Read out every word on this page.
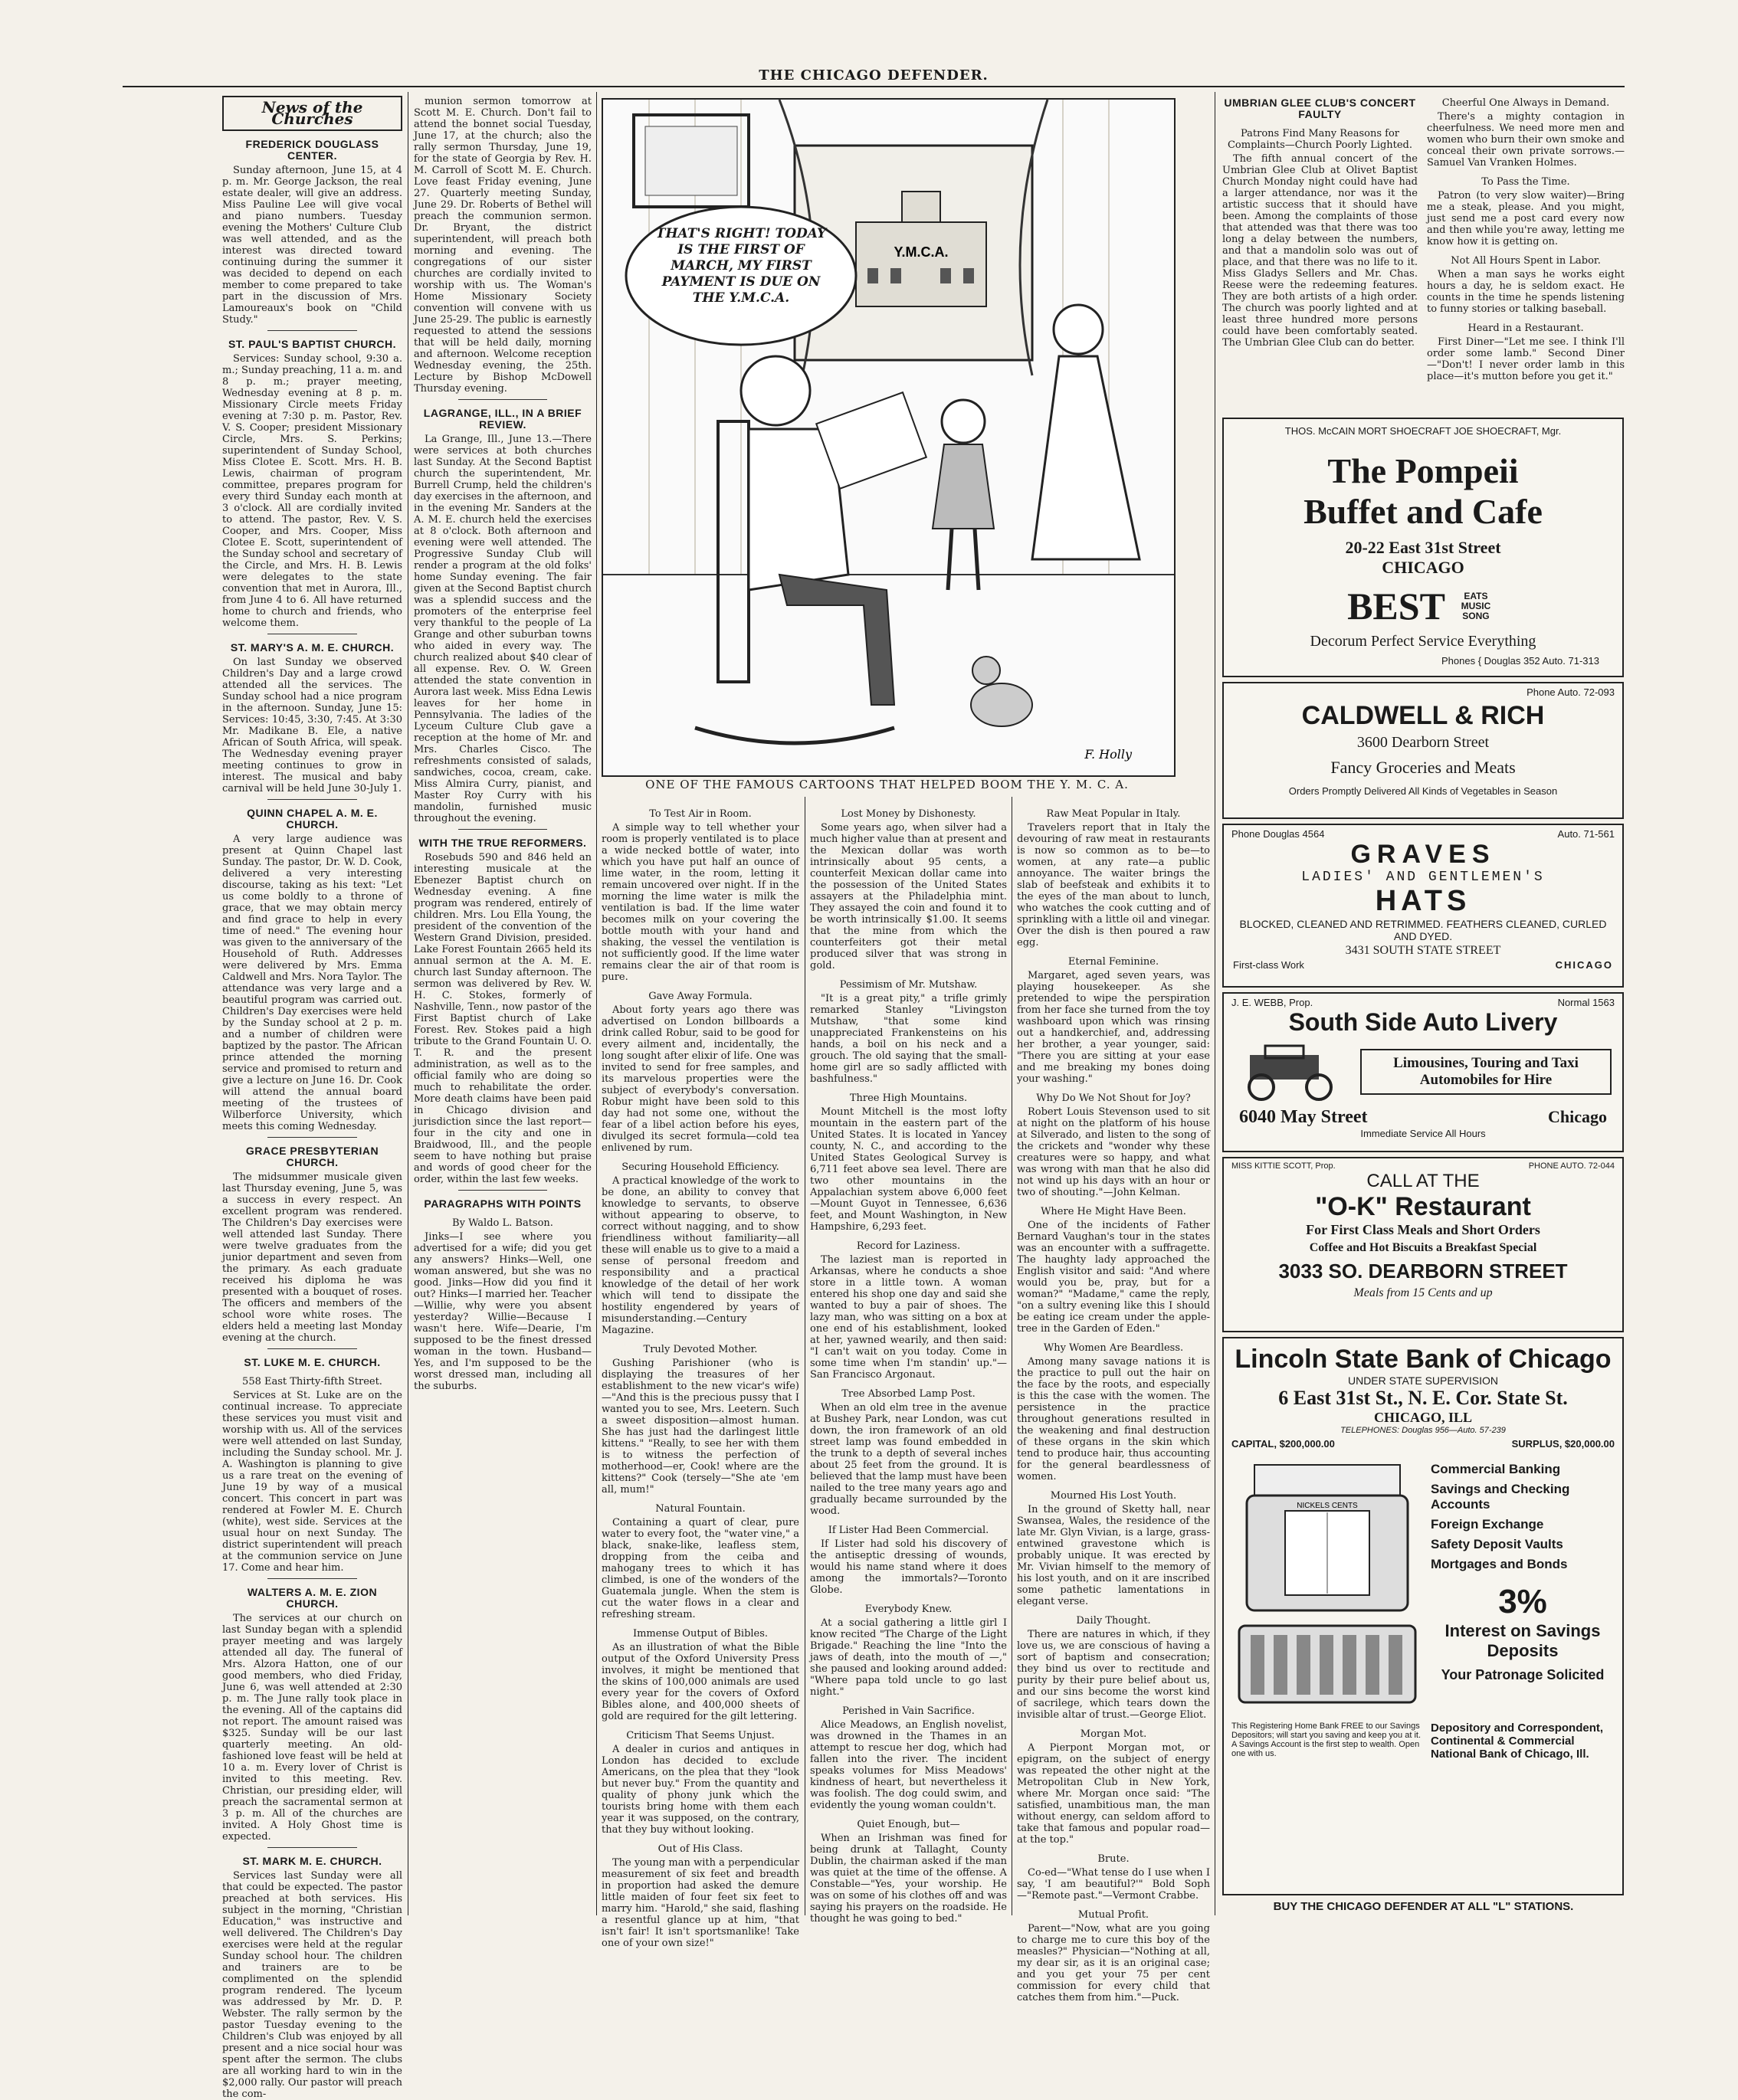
THE CHICAGO DEFENDER.
News of the Churches
FREDERICK DOUGLASS CENTER.

Sunday afternoon, June 15, at 4 p. m. Mr. George Jackson, the real estate dealer, will give an address. Miss Pauline Lee will give vocal and piano numbers. Tuesday evening the Mothers' Culture Club was well attended, and as the interest was directed toward continuing during the summer it was decided to depend on each member to come prepared to take part in the discussion of Mrs. Lamoureaux's book on "Child Study."

ST. PAUL'S BAPTIST CHURCH.

Services: Sunday school, 9:30 a. m.; Sunday preaching, 11 a. m. and 8 p. m.; prayer meeting, Wednesday evening at 8 p. m. Missionary Circle meets Friday evening at 7:30 p. m. Pastor, Rev. V. S. Cooper; president Missionary Circle, Mrs. S. Perkins; superintendent of Sunday School, Miss Clotee E. Scott. Mrs. H. B. Lewis, chairman of program committee, prepares program for every third Sunday each month at 3 o'clock. All are cordially invited to attend. The pastor, Rev. V. S. Cooper, and Mrs. Cooper, Miss Clotee E. Scott, superintendent of the Sunday school and secretary of the Circle, and Mrs. H. B. Lewis were delegates to the state convention that met in Aurora, Ill., from June 4 to 6. All have returned home to church and friends, who welcome them.

ST. MARY'S A. M. E. CHURCH.

On last Sunday we observed Children's Day and a large crowd attended all the services. The Sunday school had a nice program in the afternoon. Sunday, June 15: Services: 10:45, 3:30, 7:45. At 3:30 Mr. Madikane B. Ele, a native African of South Africa, will speak. The Wednesday evening prayer meeting continues to grow in interest. The musical and baby carnival will be held June 30-July 1.

QUINN CHAPEL A. M. E. CHURCH.

A very large audience was present at Quinn Chapel last Sunday. The pastor, Dr. W. D. Cook, delivered a very interesting discourse, taking as his text: "Let us come boldly to a throne of grace, that we may obtain mercy and find grace to help in every time of need." The evening hour was given to the anniversary of the Household of Ruth. Addresses were delivered by Mrs. Emma Caldwell and Mrs. Nora Taylor. The attendance was very large and a beautiful program was carried out. Children's Day exercises were held by the Sunday school at 2 p. m. and a number of children were baptized by the pastor. The African prince attended the morning service and promised to return and give a lecture on June 16. Dr. Cook will attend the annual board meeting of the trustees of Wilberforce University, which meets this coming Wednesday.

GRACE PRESBYTERIAN CHURCH.

The midsummer musicale given last Thursday evening, June 5, was a success in every respect. An excellent program was rendered. The Children's Day exercises were well attended last Sunday. There were twelve graduates from the junior department and seven from the primary. As each graduate received his diploma he was presented with a bouquet of roses. The officers and members of the school wore white roses. The elders held a meeting last Monday evening at the church.

ST. LUKE M. E. CHURCH.
558 East Thirty-fifth Street.

Services at St. Luke are on the continual increase. To appreciate these services you must visit and worship with us. All of the services were well attended on last Sunday, including the Sunday school. Mr. J. A. Washington is planning to give us a rare treat on the evening of June 19 by way of a musical concert. This concert in part was rendered at Fowler M. E. Church (white), west side. Services at the usual hour on next Sunday. The district superintendent will preach at the communion service on June 17. Come and hear him.

WALTERS A. M. E. ZION CHURCH.

The services at our church on last Sunday began with a splendid prayer meeting and was largely attended all day. The funeral of Mrs. Alzora Hatton, one of our good members, who died Friday, June 6, was well attended at 2:30 p. m. The June rally took place in the evening. All of the captains did not report. The amount raised was $325. Sunday will be our last quarterly meeting. An old-fashioned love feast will be held at 10 a. m. Every lover of Christ is invited to this meeting. Rev. Christian, our presiding elder, will preach the sacramental sermon at 3 p. m. All of the churches are invited. A Holy Ghost time is expected.

ST. MARK M. E. CHURCH.

Services last Sunday were all that could be expected. The pastor preached at both services. His subject in the morning, "Christian Education," was instructive and well delivered. The Children's Day exercises were held at the regular Sunday school hour. The children and trainers are to be complimented on the splendid program rendered. The lyceum was addressed by Mr. D. P. Webster. The rally sermon by the pastor Tuesday evening to the Children's Club was enjoyed by all present and a nice social hour was spent after the sermon. The clubs are all working hard to win in the $2,000 rally. Our pastor will preach the com-

munion sermon tomorrow at Scott M. E. Church. Don't fail to attend the bonnet social Tuesday, June 17, at the church; also the rally sermon Thursday, June 19, for the state of Georgia by Rev. H. M. Carroll of Scott M. E. Church. Love feast Friday evening, June 27. Quarterly meeting Sunday, June 29. Dr. Roberts of Bethel will preach the communion sermon. Dr. Bryant, the district superintendent, will preach both morning and evening. The congregations of our sister churches are cordially invited to worship with us. The Woman's Home Missionary Society convention will convene with us June 25-29. The public is earnestly requested to attend the sessions that will be held daily, morning and afternoon. Welcome reception Wednesday evening, the 25th. Lecture by Bishop McDowell Thursday evening.

LAGRANGE, ILL., IN A BRIEF REVIEW.

La Grange, Ill., June 13.—There were services at both churches last Sunday. At the Second Baptist church the superintendent, Mr. Burrell Crump, held the children's day exercises in the afternoon, and in the evening Mr. Sanders at the A. M. E. church held the exercises at 8 o'clock. Both afternoon and evening were well attended. The Progressive Sunday Club will render a program at the old folks' home Sunday evening. The fair given at the Second Baptist church was a splendid success and the promoters of the enterprise feel very thankful to the people of La Grange and other suburban towns who aided in every way. The church realized about $40 clear of all expense. Rev. O. W. Green attended the state convention in Aurora last week. Miss Edna Lewis leaves for her home in Pennsylvania. The ladies of the Lyceum Culture Club gave a reception at the home of Mr. and Mrs. Charles Cisco. The refreshments consisted of salads, sandwiches, cocoa, cream, cake. Miss Almira Curry, pianist, and Master Roy Curry with his mandolin, furnished music throughout the evening.

WITH THE TRUE REFORMERS.

Rosebuds 590 and 846 held an interesting musicale at the Ebenezer Baptist church on Wednesday evening. A fine program was rendered, entirely of children. Mrs. Lou Ella Young, the president of the convention of the Western Grand Division, presided. Lake Forest Fountain 2665 held its annual sermon at the A. M. E. church last Sunday afternoon. The sermon was delivered by Rev. W. H. C. Stokes, formerly of Nashville, Tenn., now pastor of the First Baptist church of Lake Forest. Rev. Stokes paid a high tribute to the Grand Fountain U. O. T. R. and the present administration, as well as to the official family who are doing so much to rehabilitate the order. More death claims have been paid in Chicago division and jurisdiction since the last report—four in the city and one in Braidwood, Ill., and the people seem to have nothing but praise and words of good cheer for the order, within the last few weeks.

PARAGRAPHS WITH POINTS
By Waldo L. Batson.

Jinks—I see where you advertised for a wife; did you get any answers? Hinks—Well, one woman answered, but she was no good. Jinks—How did you find it out? Hinks—I married her. Teacher—Willie, why were you absent yesterday? Willie—Because I wasn't here. Wife—Dearie, I'm supposed to be the finest dressed woman in the town. Husband—Yes, and I'm supposed to be the worst dressed man, including all the suburbs.

Y.M.C.A.
THAT'S RIGHT! TODAY IS THE FIRST OF MARCH, MY FIRST PAYMENT IS DUE ON THE Y.M.C.A.
F. Holly
ONE OF THE FAMOUS CARTOONS THAT HELPED BOOM THE Y. M. C. A.
To Test Air in Room.

A simple way to tell whether your room is properly ventilated is to place a wide necked bottle of water, into which you have put half an ounce of lime water, in the room, letting it remain uncovered over night. If in the morning the lime water is milk the ventilation is bad. If the lime water becomes milk on your covering the bottle mouth with your hand and shaking, the vessel the ventilation is not sufficiently good. If the lime water remains clear the air of that room is pure.

Gave Away Formula.

About forty years ago there was advertised on London billboards a drink called Robur, said to be good for every ailment and, incidentally, the long sought after elixir of life. One was invited to send for free samples, and its marvelous properties were the subject of everybody's conversation. Robur might have been sold to this day had not some one, without the fear of a libel action before his eyes, divulged its secret formula—cold tea enlivened by rum.

Securing Household Efficiency.

A practical knowledge of the work to be done, an ability to convey that knowledge to servants, to observe without appearing to observe, to correct without nagging, and to show friendliness without familiarity—all these will enable us to give to a maid a sense of personal freedom and responsibility and a practical knowledge of the detail of her work which will tend to dissipate the hostility engendered by years of misunderstanding.—Century Magazine.

Truly Devoted Mother.

Gushing Parishioner (who is displaying the treasures of her establishment to the new vicar's wife)—"And this is the precious pussy that I wanted you to see, Mrs. Leetern. Such a sweet disposition—almost human. She has just had the darlingest little kittens." "Really, to see her with them is to witness the perfection of motherhood—er, Cook! where are the kittens?" Cook (tersely—"She ate 'em all, mum!"

Natural Fountain.

Containing a quart of clear, pure water to every foot, the "water vine," a black, snake-like, leafless stem, dropping from the ceiba and mahogany trees to which it has climbed, is one of the wonders of the Guatemala jungle. When the stem is cut the water flows in a clear and refreshing stream.

Immense Output of Bibles.

As an illustration of what the Bible output of the Oxford University Press involves, it might be mentioned that the skins of 100,000 animals are used every year for the covers of Oxford Bibles alone, and 400,000 sheets of gold are required for the gilt lettering.

Criticism That Seems Unjust.

A dealer in curios and antiques in London has decided to exclude Americans, on the plea that they "look but never buy." From the quantity and quality of phony junk which the tourists bring home with them each year it was supposed, on the contrary, that they buy without looking.

Out of His Class.

The young man with a perpendicular measurement of six feet and breadth in proportion had asked the demure little maiden of four feet six feet to marry him. "Harold," she said, flashing a resentful glance up at him, "that isn't fair! It isn't sportsmanlike! Take one of your own size!"

Lost Money by Dishonesty.

Some years ago, when silver had a much higher value than at present and the Mexican dollar was worth intrinsically about 95 cents, a counterfeit Mexican dollar came into the possession of the United States assayers at the Philadelphia mint. They assayed the coin and found it to be worth intrinsically $1.00. It seems that the mine from which the counterfeiters got their metal produced silver that was strong in gold.

Pessimism of Mr. Mutshaw.

"It is a great pity," a trifle grimly remarked Stanley "Livingston Mutshaw, "that some kind unappreciated Frankensteins on his hands, a boil on his neck and a grouch. The old saying that the small-home girl are so sadly afflicted with bashfulness."

Three High Mountains.

Mount Mitchell is the most lofty mountain in the eastern part of the United States. It is located in Yancey county, N. C., and according to the United States Geological Survey is 6,711 feet above sea level. There are two other mountains in the Appalachian system above 6,000 feet—Mount Guyot in Tennessee, 6,636 feet, and Mount Washington, in New Hampshire, 6,293 feet.

Record for Laziness.

The laziest man is reported in Arkansas, where he conducts a shoe store in a little town. A woman entered his shop one day and said she wanted to buy a pair of shoes. The lazy man, who was sitting on a box at one end of his establishment, looked at her, yawned wearily, and then said: "I can't wait on you today. Come in some time when I'm standin' up."—San Francisco Argonaut.

Tree Absorbed Lamp Post.

When an old elm tree in the avenue at Bushey Park, near London, was cut down, the iron framework of an old street lamp was found embedded in the trunk to a depth of several inches about 25 feet from the ground. It is believed that the lamp must have been nailed to the tree many years ago and gradually became surrounded by the wood.

If Lister Had Been Commercial.

If Lister had sold his discovery of the antiseptic dressing of wounds, would his name stand where it does among the immortals?—Toronto Globe.

Everybody Knew.

At a social gathering a little girl I know recited "The Charge of the Light Brigade." Reaching the line "Into the jaws of death, into the mouth of —," she paused and looking around added: "Where papa told uncle to go last night."

Perished in Vain Sacrifice.

Alice Meadows, an English novelist, was drowned in the Thames in an attempt to rescue her dog, which had fallen into the river. The incident speaks volumes for Miss Meadows' kindness of heart, but nevertheless it was foolish. The dog could swim, and evidently the young woman couldn't.

Quiet Enough, but—

When an Irishman was fined for being drunk at Tallaght, County Dublin, the chairman asked if the man was quiet at the time of the offense. A Constable—"Yes, your worship. He was on some of his clothes off and was saying his prayers on the roadside. He thought he was going to bed."

Raw Meat Popular in Italy.

Travelers report that in Italy the devouring of raw meat in restaurants is now so common as to be—to women, at any rate—a public annoyance. The waiter brings the slab of beefsteak and exhibits it to the eyes of the man about to lunch, who watches the cook cutting and of sprinkling with a little oil and vinegar. Over the dish is then poured a raw egg.

Eternal Feminine.

Margaret, aged seven years, was playing housekeeper. As she pretended to wipe the perspiration from her face she turned from the toy washboard upon which was rinsing out a handkerchief, and, addressing her brother, a year younger, said: "There you are sitting at your ease and me breaking my bones doing your washing."

Why Do We Not Shout for Joy?

Robert Louis Stevenson used to sit at night on the platform of his house at Silverado, and listen to the song of the crickets and "wonder why these creatures were so happy, and what was wrong with man that he also did not wind up his days with an hour or two of shouting."—John Kelman.

Where He Might Have Been.

One of the incidents of Father Bernard Vaughan's tour in the states was an encounter with a suffragette. The haughty lady approached the English visitor and said: "And where would you be, pray, but for a woman?" "Madame," came the reply, "on a sultry evening like this I should be eating ice cream under the apple-tree in the Garden of Eden."

Why Women Are Beardless.

Among many savage nations it is the practice to pull out the hair on the face by the roots, and especially is this the case with the women. The persistence in the practice throughout generations resulted in the weakening and final destruction of these organs in the skin which tend to produce hair, thus accounting for the general beardlessness of women.

Mourned His Lost Youth.

In the ground of Sketty hall, near Swansea, Wales, the residence of the late Mr. Glyn Vivian, is a large, grass-entwined gravestone which is probably unique. It was erected by Mr. Vivian himself to the memory of his lost youth, and on it are inscribed some pathetic lamentations in elegant verse.

Daily Thought.

There are natures in which, if they love us, we are conscious of having a sort of baptism and consecration; they bind us over to rectitude and purity by their pure belief about us, and our sins become the worst kind of sacrilege, which tears down the invisible altar of trust.—George Eliot.

Morgan Mot.

A Pierpont Morgan mot, or epigram, on the subject of energy was repeated the other night at the Metropolitan Club in New York, where Mr. Morgan once said: "The satisfied, unambitious man, the man without energy, can seldom afford to take that famous and popular road—at the top."

Brute.

Co-ed—"What tense do I use when I say, 'I am beautiful?'" Bold Soph—"Remote past."—Vermont Crabbe.

Mutual Profit.

Parent—"Now, what are you going to charge me to cure this boy of the measles?" Physician—"Nothing at all, my dear sir, as it is an original case; and you get your 75 per cent commission for every child that catches them from him."—Puck.

UMBRIAN GLEE CLUB'S CONCERT FAULTY
Patrons Find Many Reasons for Complaints—Church Poorly Lighted.

The fifth annual concert of the Umbrian Glee Club at Olivet Baptist Church Monday night could have had a larger attendance, nor was it the artistic success that it should have been. Among the complaints of those that attended was that there was too long a delay between the numbers, and that a mandolin solo was out of place, and that there was no life to it. Miss Gladys Sellers and Mr. Chas. Reese were the redeeming features. They are both artists of a high order. The church was poorly lighted and at least three hundred more persons could have been comfortably seated. The Umbrian Glee Club can do better.

Cheerful One Always in Demand.

There's a mighty contagion in cheerfulness. We need more men and women who burn their own smoke and conceal their own private sorrows.—Samuel Van Vranken Holmes.

To Pass the Time.

Patron (to very slow waiter)—Bring me a steak, please. And you might, just send me a post card every now and then while you're away, letting me know how it is getting on.

Not All Hours Spent in Labor.

When a man says he works eight hours a day, he is seldom exact. He counts in the time he spends listening to funny stories or talking baseball.

Heard in a Restaurant.

First Diner—"Let me see. I think I'll order some lamb." Second Diner—"Don't! I never order lamb in this place—it's mutton before you get it."

THOS. McCAIN MORT SHOECRAFT JOE SHOECRAFT, Mgr.
The Pompeii
Buffet and Cafe
20-22 East 31st Street
CHICAGO
BEST	EATS MUSIC SONG
Decorum Perfect Service Everything
Phones { Douglas 352 Auto. 71-313
Phone Auto. 72-093
CALDWELL & RICH
3600 Dearborn Street
Fancy Groceries and Meats
Orders Promptly Delivered All Kinds of Vegetables in Season
Phone Douglas 4564	Auto. 71-561
GRAVES
LADIES' AND GENTLEMEN'S
HATS
BLOCKED, CLEANED AND RETRIMMED. FEATHERS CLEANED, CURLED AND DYED.
3431 SOUTH STATE STREET
First-class Work	CHICAGO
J. E. WEBB, Prop.	Normal 1563
South Side Auto Livery
Limousines, Touring and Taxi Automobiles for Hire
6040 May Street	Chicago
Immediate Service All Hours
MISS KITTIE SCOTT, Prop.	PHONE AUTO. 72-044
CALL AT THE
"O-K" Restaurant
For First Class Meals and Short Orders
Coffee and Hot Biscuits a Breakfast Special
3033 SO. DEARBORN STREET
Meals from 15 Cents and up
Lincoln State Bank of Chicago
UNDER STATE SUPERVISION
6 East 31st St., N. E. Cor. State St.
CHICAGO, ILL
TELEPHONES: Douglas 956—Auto. 57-239
CAPITAL, $200,000.00	SURPLUS, $20,000.00
NICKELS CENTS
Commercial Banking
Savings and Checking Accounts
Foreign Exchange
Safety Deposit Vaults
Mortgages and Bonds
3%
Interest on Savings Deposits
Your Patronage Solicited
This Registering Home Bank FREE to our Savings Depositors; will start you saving and keep you at it. A Savings Account is the first step to wealth. Open one with us.
Depository and Correspondent, Continental & Commercial National Bank of Chicago, Ill.
BUY THE CHICAGO DEFENDER AT ALL "L" STATIONS.
